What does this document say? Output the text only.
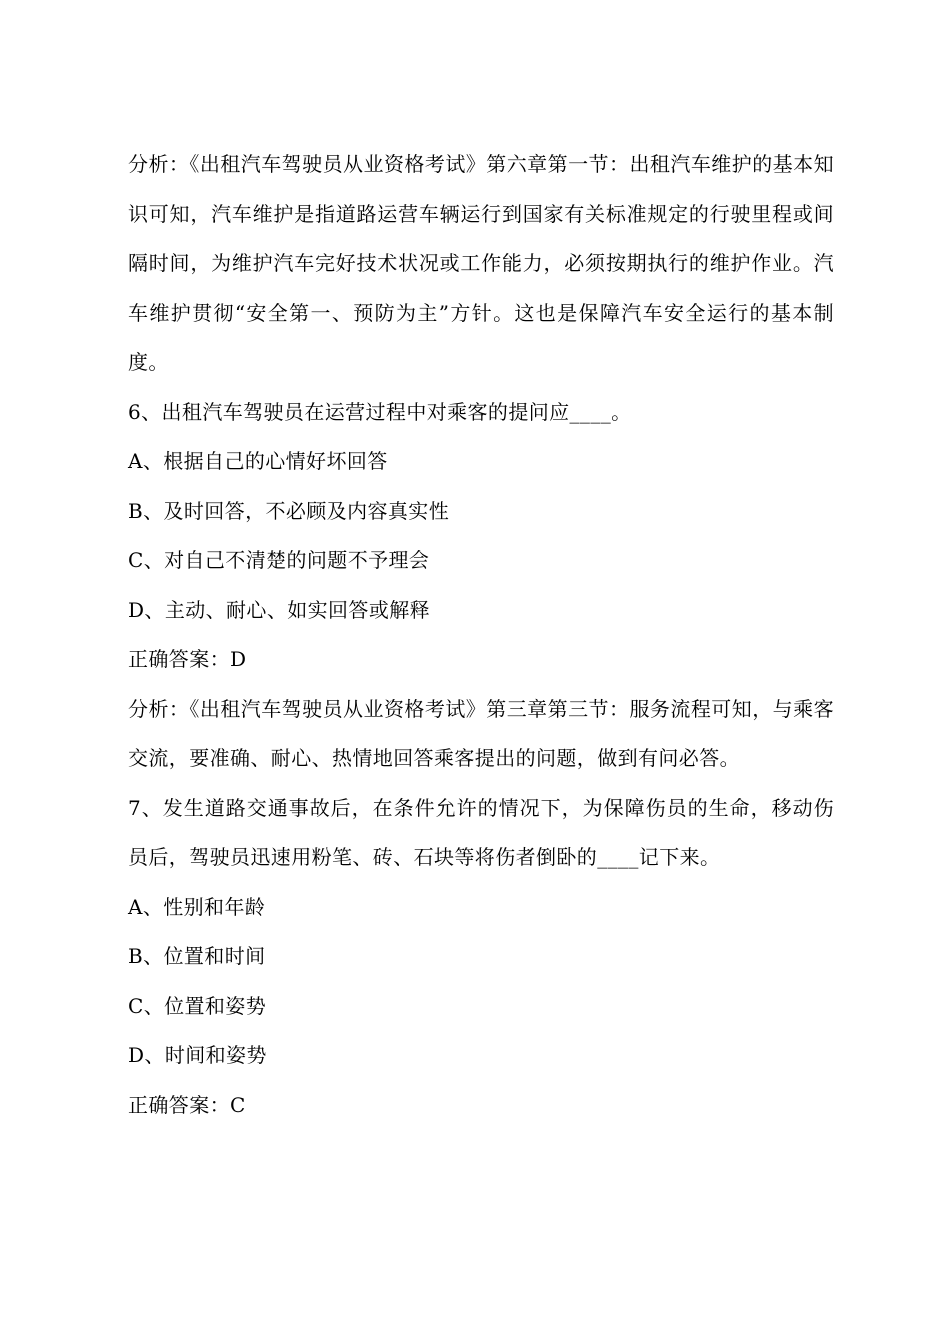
分析：《出租汽车驾驶员从业资格考试》第六章第一节：出租汽车维护的基本知识可知，汽车维护是指道路运营车辆运行到国家有关标准规定的行驶里程或间隔时间，为维护汽车完好技术状况或工作能力，必须按期执行的维护作业。汽车维护贯彻“安全第一、预防为主”方针。这也是保障汽车安全运行的基本制度。

6、出租汽车驾驶员在运营过程中对乘客的提问应____。

A、根据自己的心情好坏回答

B、及时回答，不必顾及内容真实性

C、对自己不清楚的问题不予理会

D、主动、耐心、如实回答或解释

正确答案：D

分析：《出租汽车驾驶员从业资格考试》第三章第三节：服务流程可知，与乘客交流，要准确、耐心、热情地回答乘客提出的问题，做到有问必答。

7、发生道路交通事故后，在条件允许的情况下，为保障伤员的生命，移动伤员后，驾驶员迅速用粉笔、砖、石块等将伤者倒卧的____记下来。

A、性别和年龄

B、位置和时间

C、位置和姿势

D、时间和姿势

正确答案：C
